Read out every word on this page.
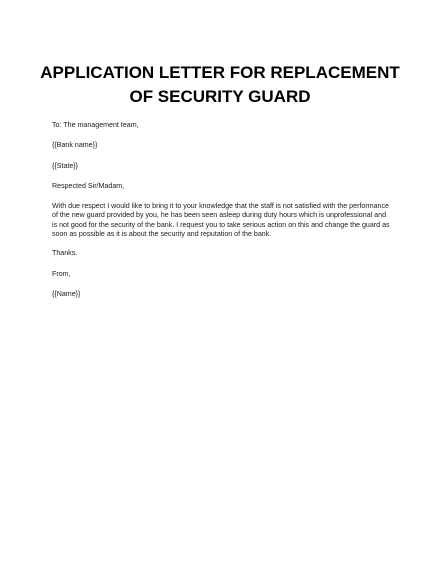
APPLICATION LETTER FOR REPLACEMENT
OF SECURITY GUARD

To: The management team,

{{Bank name}}

{{State}}

Respected Sir/Madam,

With due respect I would like to bring it to your knowledge that the staff is not satisfied with the performance of the new guard provided by you, he has been seen asleep during duty hours which is unprofessional and is not good for the security of the bank. I request you to take serious action on this and change the guard as soon as possible as it is about the security and reputation of the bank.

Thanks.

From,

{{Name}}
